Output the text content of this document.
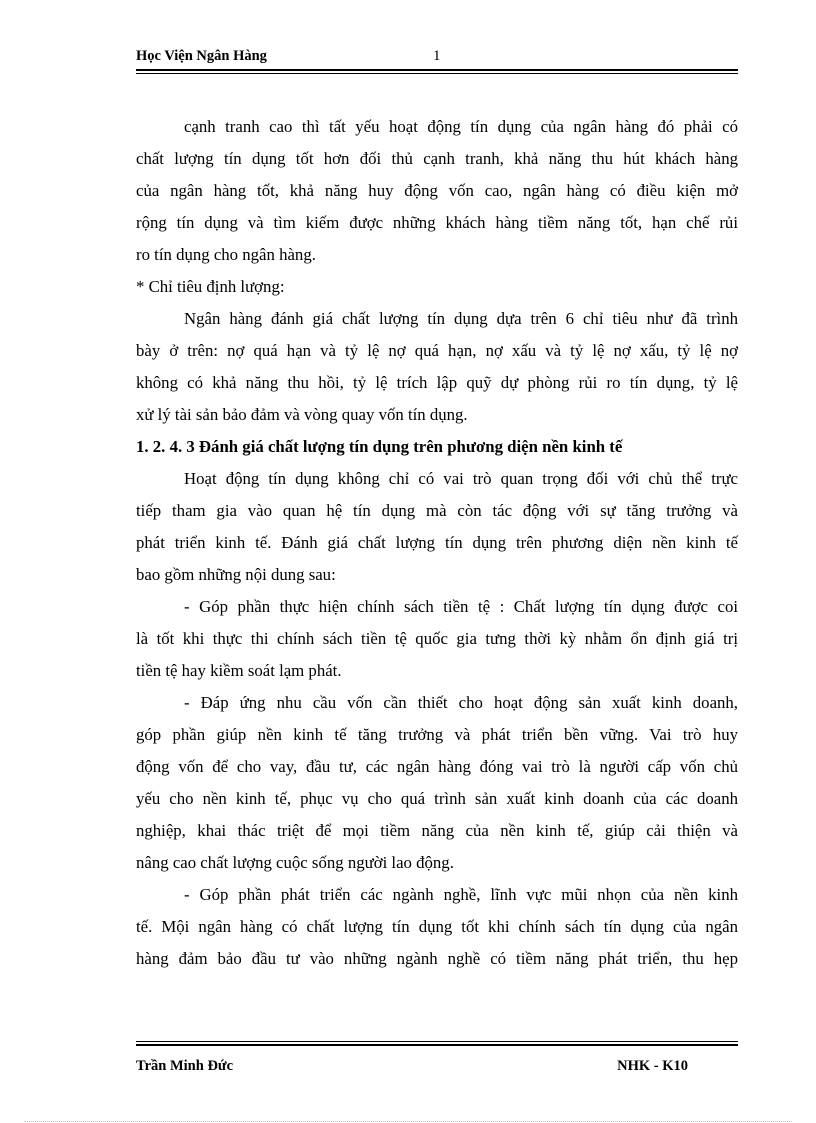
Học Viện Ngân Hàng	1
cạnh tranh cao thì tất yếu hoạt động tín dụng của ngân hàng đó phải có
chất lượng tín dụng tốt hơn đối thủ cạnh tranh, khả năng thu hút khách hàng
của ngân hàng tốt, khả năng huy động vốn cao, ngân hàng có điều kiện mở
rộng tín dụng và tìm kiếm được những khách hàng tiềm năng tốt, hạn chế rủi
ro tín dụng cho ngân hàng.
* Chỉ tiêu định lượng:
Ngân hàng đánh giá chất lượng tín dụng dựa trên 6 chỉ tiêu như đã trình
bày ở trên: nợ quá hạn và tỷ lệ nợ quá hạn, nợ xấu và tỷ lệ nợ xấu, tỷ lệ nợ
không có khả năng thu hồi, tỷ lệ trích lập quỹ dự phòng rủi ro tín dụng, tỷ lệ
xử lý tài sản bảo đảm và vòng quay vốn tín dụng.
1. 2. 4. 3 Đánh giá chất lượng tín dụng trên phương diện nền kinh tế
Hoạt động tín dụng không chỉ có vai trò quan trọng đối với chủ thể trực
tiếp tham gia vào quan hệ tín dụng mà còn tác động với sự tăng trưởng và
phát triển kinh tế. Đánh giá chất lượng tín dụng trên phương diện nền kinh tế
bao gồm những nội dung sau:
- Góp phần thực hiện chính sách tiền tệ : Chất lượng tín dụng được coi
là tốt khi thực thi chính sách tiền tệ quốc gia tưng thời kỳ nhằm ổn định giá trị
tiền tệ hay kiềm soát lạm phát.
- Đáp ứng nhu cầu vốn cần thiết cho hoạt động sản xuất kinh doanh,
góp phần giúp nền kinh tế tăng trưởng và phát triển bền vững. Vai trò huy
động vốn để cho vay, đầu tư, các ngân hàng đóng vai trò là người cấp vốn chủ
yếu cho nền kinh tế, phục vụ cho quá trình sản xuất kinh doanh của các doanh
nghiệp, khai thác triệt để mọi tiềm năng của nền kinh tế, giúp cải thiện và
nâng cao chất lượng cuộc sống người lao động.
- Góp phần phát triển các ngành nghề, lĩnh vực mũi nhọn của nền kinh
tế. Mội ngân hàng có chất lượng tín dụng tốt khi chính sách tín dụng của ngân
hàng đảm bảo đầu tư vào những ngành nghề có tiềm năng phát triển, thu hẹp
Trần Minh Đức	NHK - K10
